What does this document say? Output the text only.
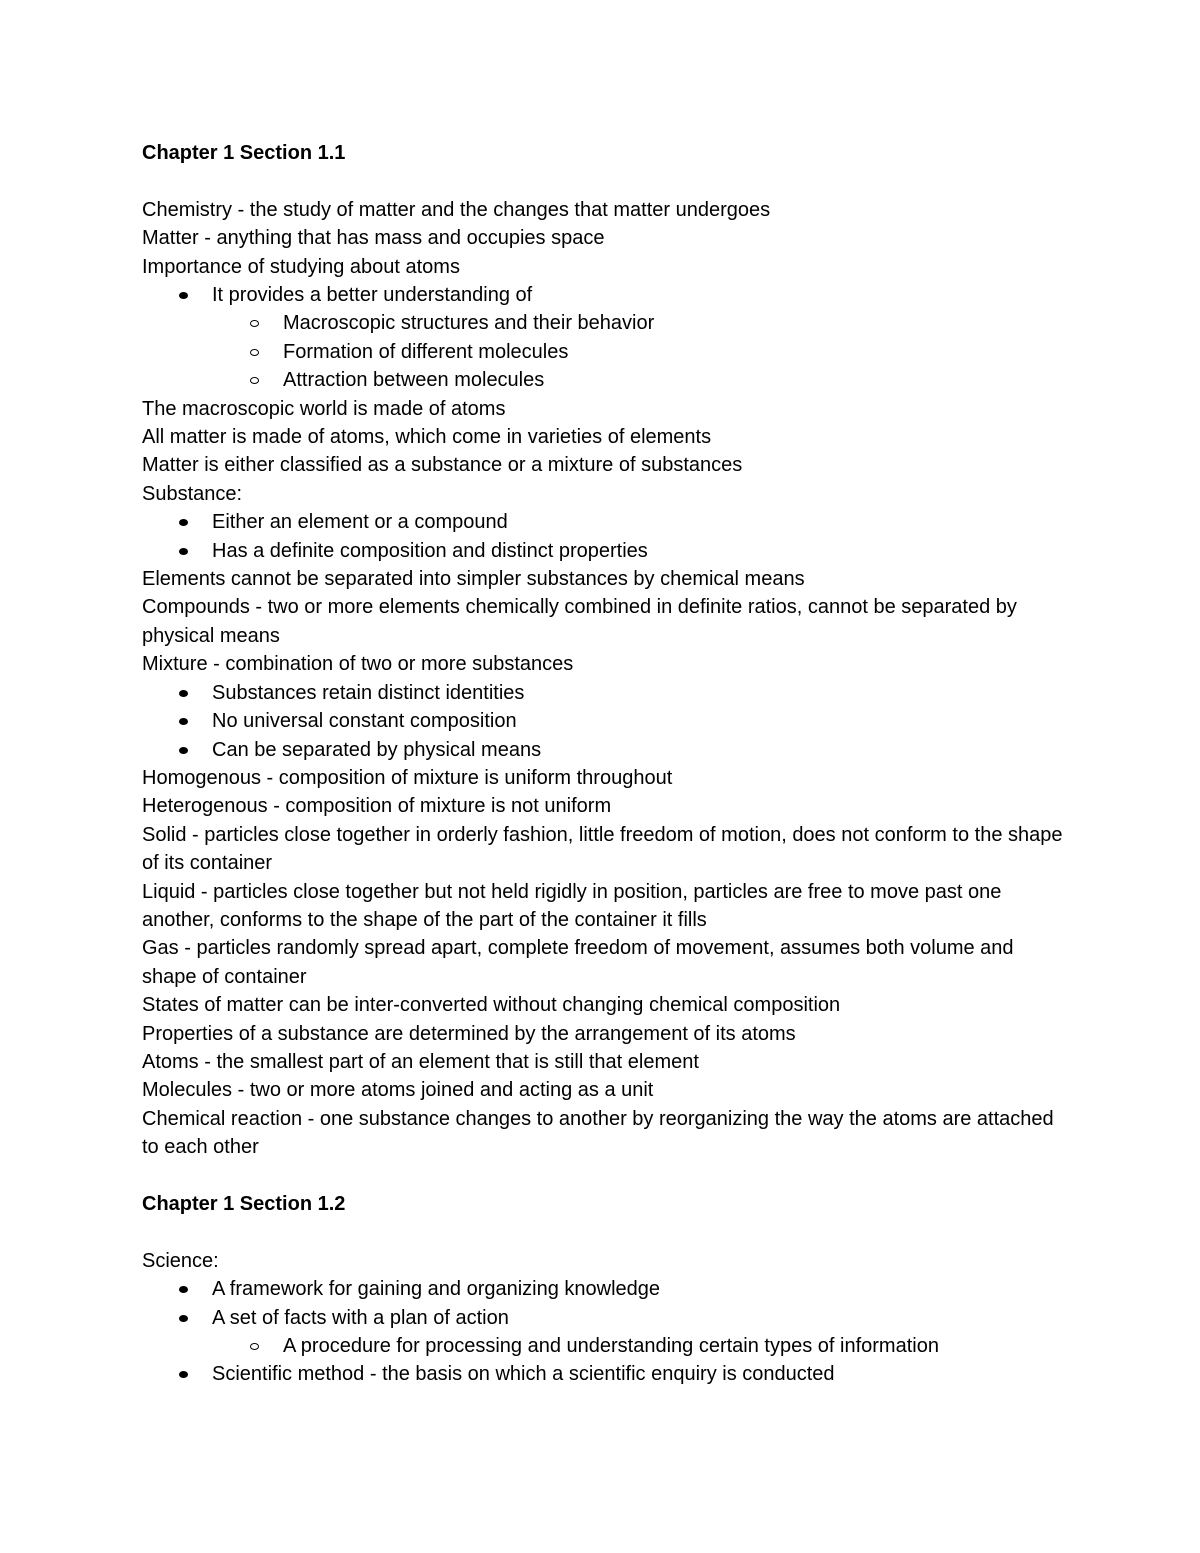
Chapter 1 Section 1.1

Chemistry - the study of matter and the changes that matter undergoes

Matter - anything that has mass and occupies space

Importance of studying about atoms

It provides a better understanding of
Macroscopic structures and their behavior
Formation of different molecules
Attraction between molecules

The macroscopic world is made of atoms

All matter is made of atoms, which come in varieties of elements

Matter is either classified as a substance or a mixture of substances

Substance:

Either an element or a compound
Has a definite composition and distinct properties

Elements cannot be separated into simpler substances by chemical means

Compounds - two or more elements chemically combined in definite ratios, cannot be separated by physical means

Mixture - combination of two or more substances

Substances retain distinct identities
No universal constant composition
Can be separated by physical means

Homogenous - composition of mixture is uniform throughout

Heterogenous - composition of mixture is not uniform

Solid - particles close together in orderly fashion, little freedom of motion, does not conform to the shape of its container

Liquid - particles close together but not held rigidly in position, particles are free to move past one another, conforms to the shape of the part of the container it fills

Gas - particles randomly spread apart, complete freedom of movement, assumes both volume and shape of container

States of matter can be inter-converted without changing chemical composition

Properties of a substance are determined by the arrangement of its atoms

Atoms - the smallest part of an element that is still that element

Molecules - two or more atoms joined and acting as a unit

Chemical reaction - one substance changes to another by reorganizing the way the atoms are attached to each other

Chapter 1 Section 1.2

Science:

A framework for gaining and organizing knowledge
A set of facts with a plan of action
A procedure for processing and understanding certain types of information
Scientific method - the basis on which a scientific enquiry is conducted
